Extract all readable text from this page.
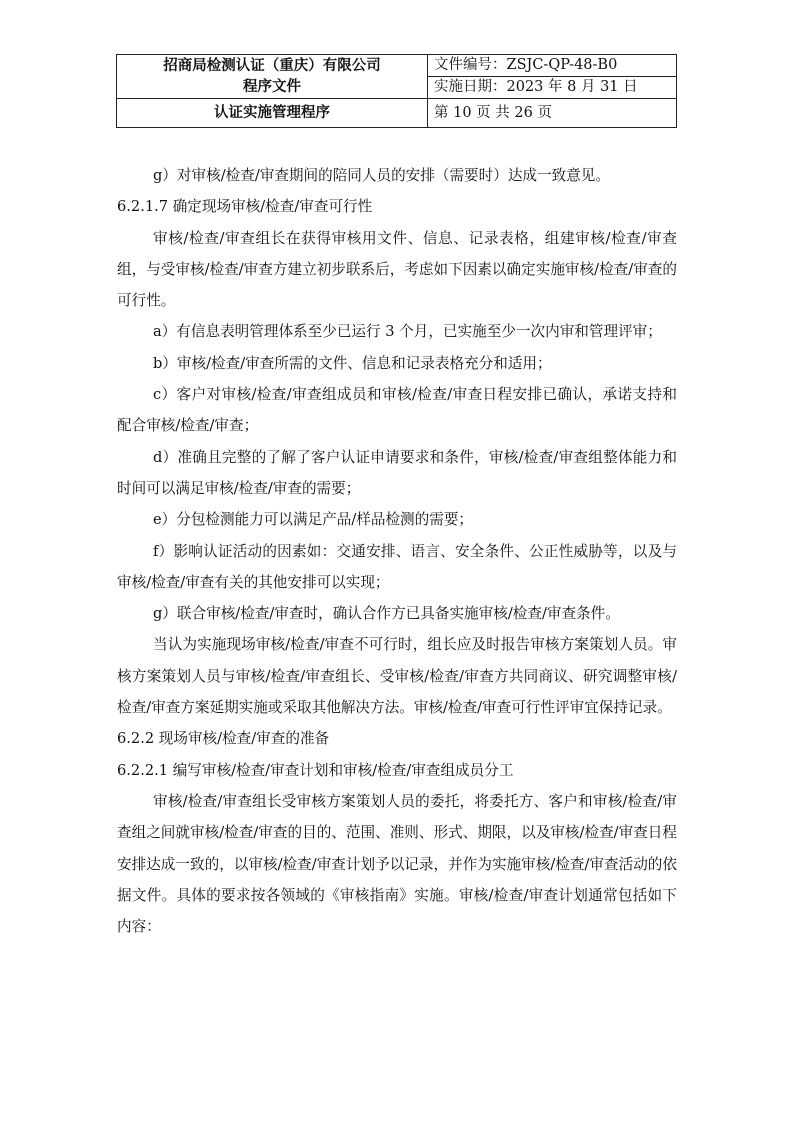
招商局检测认证（重庆）有限公司
程序文件	文件编号：ZSJC-QP-48-B0
	实施日期：2023 年 8 月 31 日
认证实施管理程序	第 10 页 共 26 页

g）对审核/检查/审查期间的陪同人员的安排（需要时）达成一致意见。

6.2.1.7 确定现场审核/检查/审查可行性

审核/检查/审查组长在获得审核用文件、信息、记录表格，组建审核/检查/审查组，与受审核/检查/审查方建立初步联系后，考虑如下因素以确定实施审核/检查/审查的可行性。

a）有信息表明管理体系至少已运行 3 个月，已实施至少一次内审和管理评审；

b）审核/检查/审查所需的文件、信息和记录表格充分和适用；

c）客户对审核/检查/审查组成员和审核/检查/审查日程安排已确认，承诺支持和配合审核/检查/审查；

d）准确且完整的了解了客户认证申请要求和条件，审核/检查/审查组整体能力和时间可以满足审核/检查/审查的需要；

e）分包检测能力可以满足产品/样品检测的需要；

f）影响认证活动的因素如：交通安排、语言、安全条件、公正性威胁等，以及与审核/检查/审查有关的其他安排可以实现；

g）联合审核/检查/审查时，确认合作方已具备实施审核/检查/审查条件。

当认为实施现场审核/检查/审查不可行时，组长应及时报告审核方案策划人员。审核方案策划人员与审核/检查/审查组长、受审核/检查/审查方共同商议、研究调整审核/检查/审查方案延期实施或采取其他解决方法。审核/检查/审查可行性评审宜保持记录。

6.2.2 现场审核/检查/审查的准备

6.2.2.1 编写审核/检查/审查计划和审核/检查/审查组成员分工

审核/检查/审查组长受审核方案策划人员的委托，将委托方、客户和审核/检查/审查组之间就审核/检查/审查的目的、范围、准则、形式、期限，以及审核/检查/审查日程安排达成一致的，以审核/检查/审查计划予以记录，并作为实施审核/检查/审查活动的依据文件。具体的要求按各领域的《审核指南》实施。审核/检查/审查计划通常包括如下内容：
